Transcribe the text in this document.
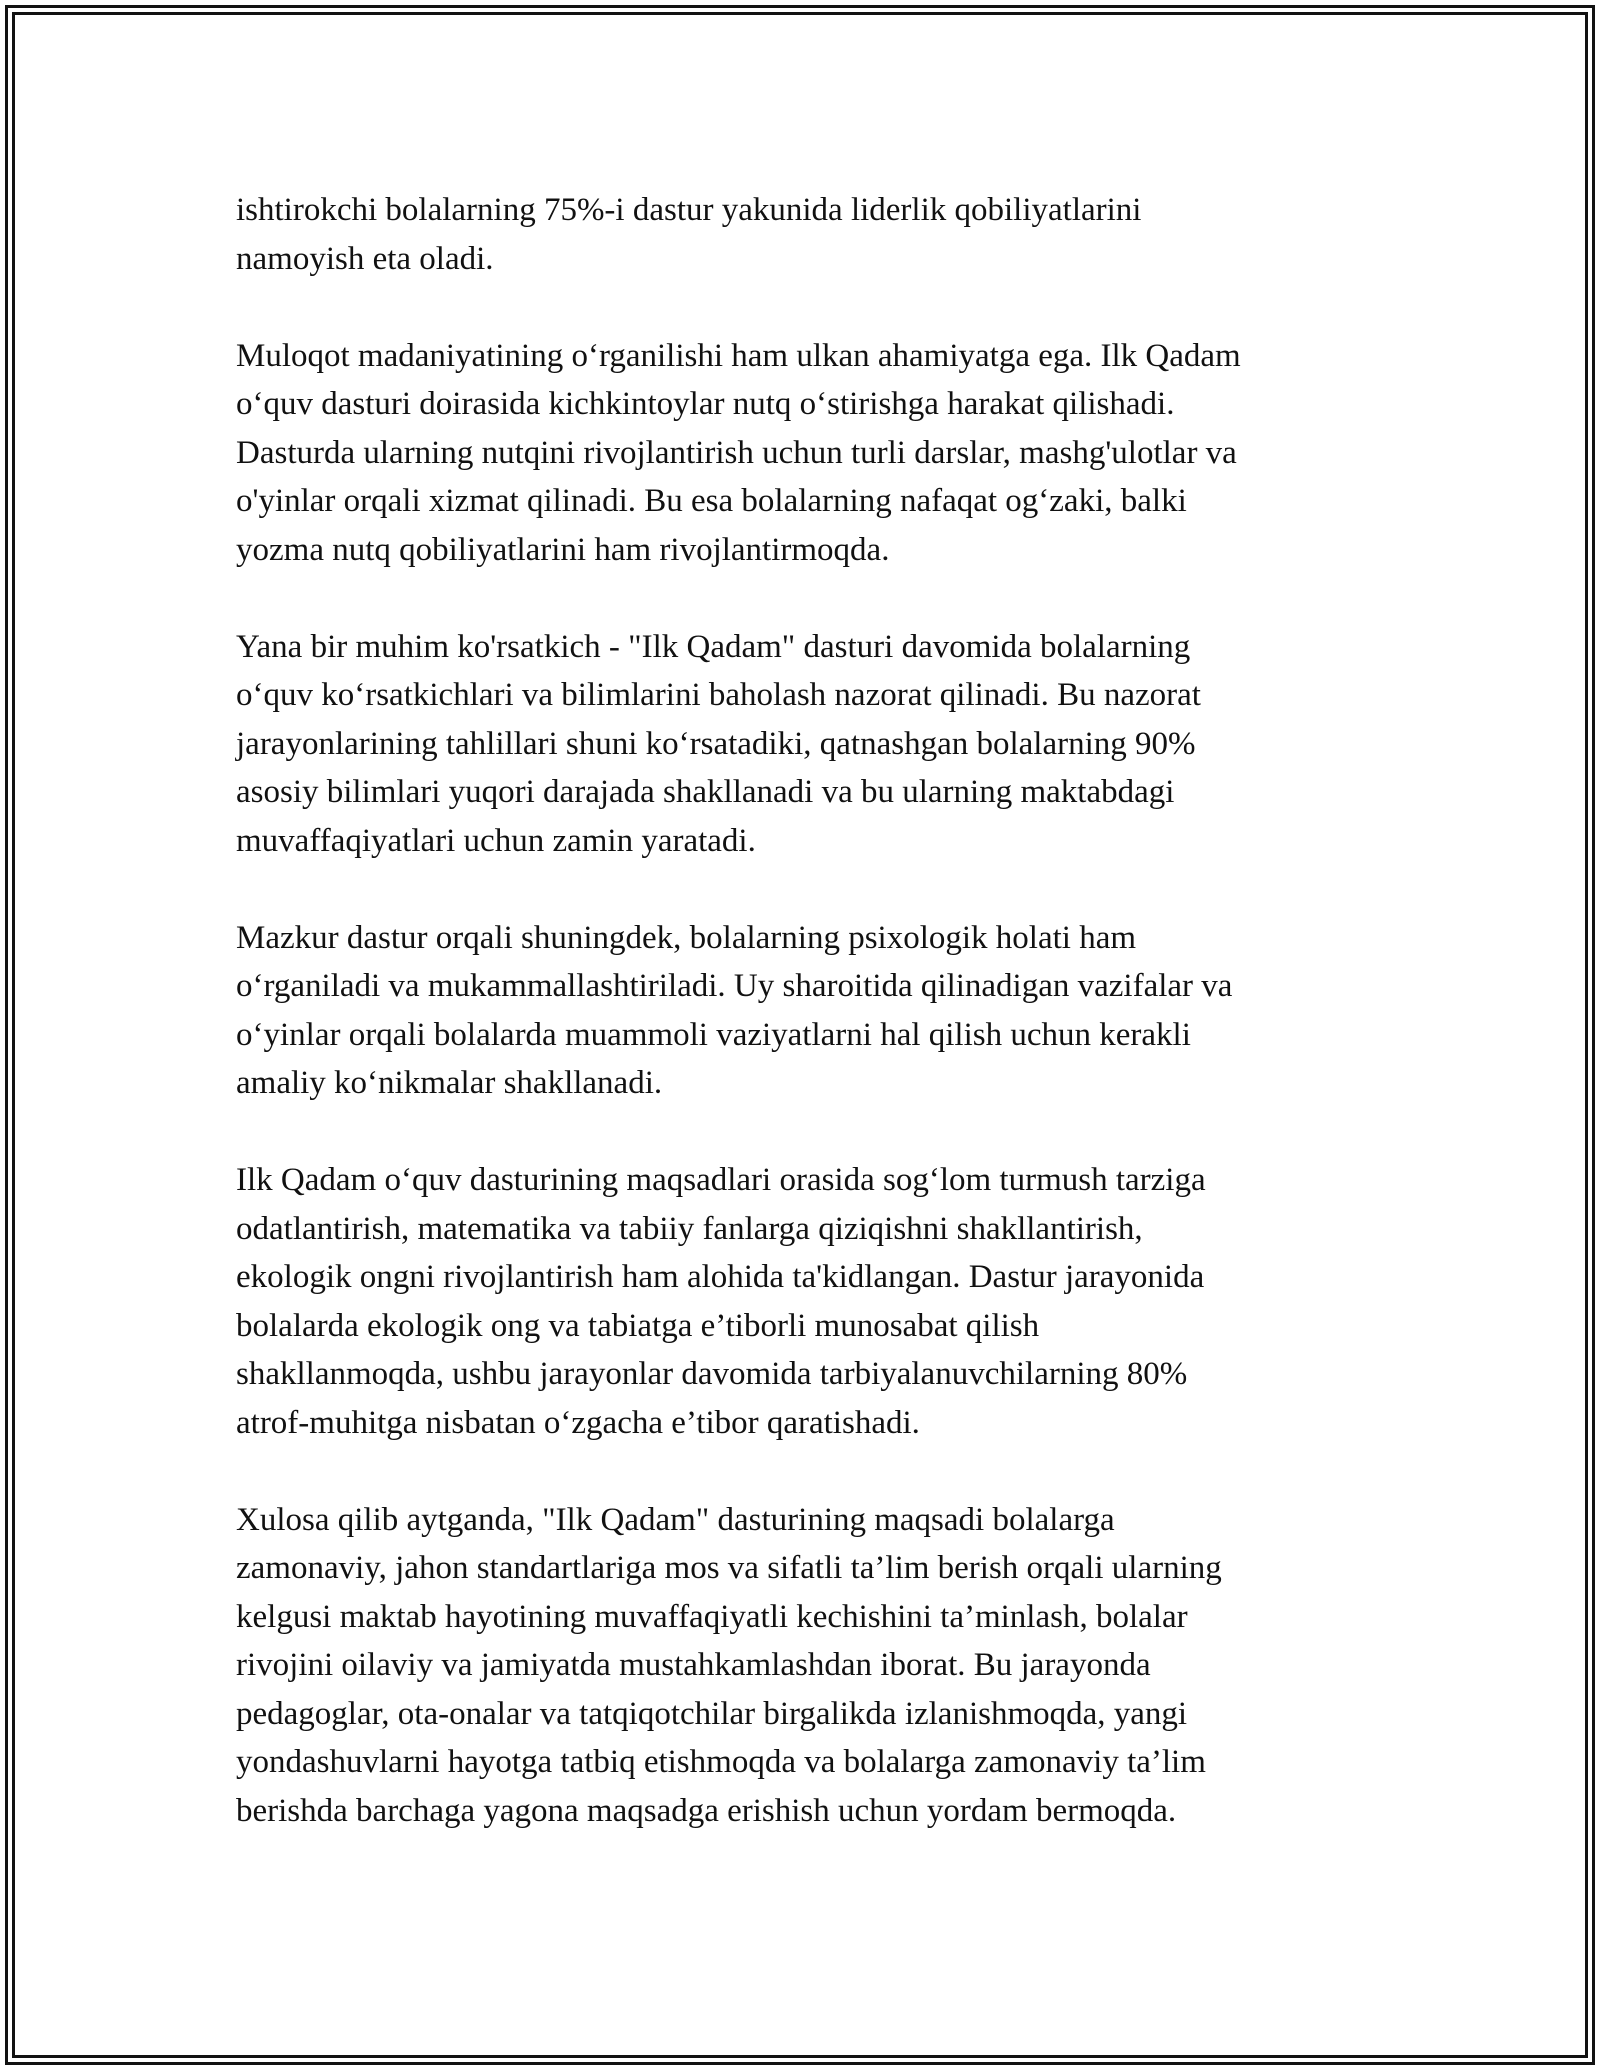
ishtirokchi bolalarning 75%-i dastur yakunida liderlik qobiliyatlarini
namoyish eta oladi.

Muloqot madaniyatining o‘rganilishi ham ulkan ahamiyatga ega. Ilk Qadam
o‘quv dasturi doirasida kichkintoylar nutq o‘stirishga harakat qilishadi.
Dasturda ularning nutqini rivojlantirish uchun turli darslar, mashg'ulotlar va
o'yinlar orqali xizmat qilinadi. Bu esa bolalarning nafaqat og‘zaki, balki
yozma nutq qobiliyatlarini ham rivojlantirmoqda.

Yana bir muhim ko'rsatkich - "Ilk Qadam" dasturi davomida bolalarning
o‘quv ko‘rsatkichlari va bilimlarini baholash nazorat qilinadi. Bu nazorat
jarayonlarining tahlillari shuni ko‘rsatadiki, qatnashgan bolalarning 90%
asosiy bilimlari yuqori darajada shakllanadi va bu ularning maktabdagi
muvaffaqiyatlari uchun zamin yaratadi.

Mazkur dastur orqali shuningdek, bolalarning psixologik holati ham
o‘rganiladi va mukammallashtiriladi. Uy sharoitida qilinadigan vazifalar va
o‘yinlar orqali bolalarda muammoli vaziyatlarni hal qilish uchun kerakli
amaliy ko‘nikmalar shakllanadi.

Ilk Qadam o‘quv dasturining maqsadlari orasida sog‘lom turmush tarziga
odatlantirish, matematika va tabiiy fanlarga qiziqishni shakllantirish,
ekologik ongni rivojlantirish ham alohida ta'kidlangan. Dastur jarayonida
bolalarda ekologik ong va tabiatga e’tiborli munosabat qilish
shakllanmoqda, ushbu jarayonlar davomida tarbiyalanuvchilarning 80%
atrof-muhitga nisbatan o‘zgacha e’tibor qaratishadi.

Xulosa qilib aytganda, "Ilk Qadam" dasturining maqsadi bolalarga
zamonaviy, jahon standartlariga mos va sifatli ta’lim berish orqali ularning
kelgusi maktab hayotining muvaffaqiyatli kechishini ta’minlash, bolalar
rivojini oilaviy va jamiyatda mustahkamlashdan iborat. Bu jarayonda
pedagoglar, ota-onalar va tatqiqotchilar birgalikda izlanishmoqda, yangi
yondashuvlarni hayotga tatbiq etishmoqda va bolalarga zamonaviy ta’lim
berishda barchaga yagona maqsadga erishish uchun yordam bermoqda.
